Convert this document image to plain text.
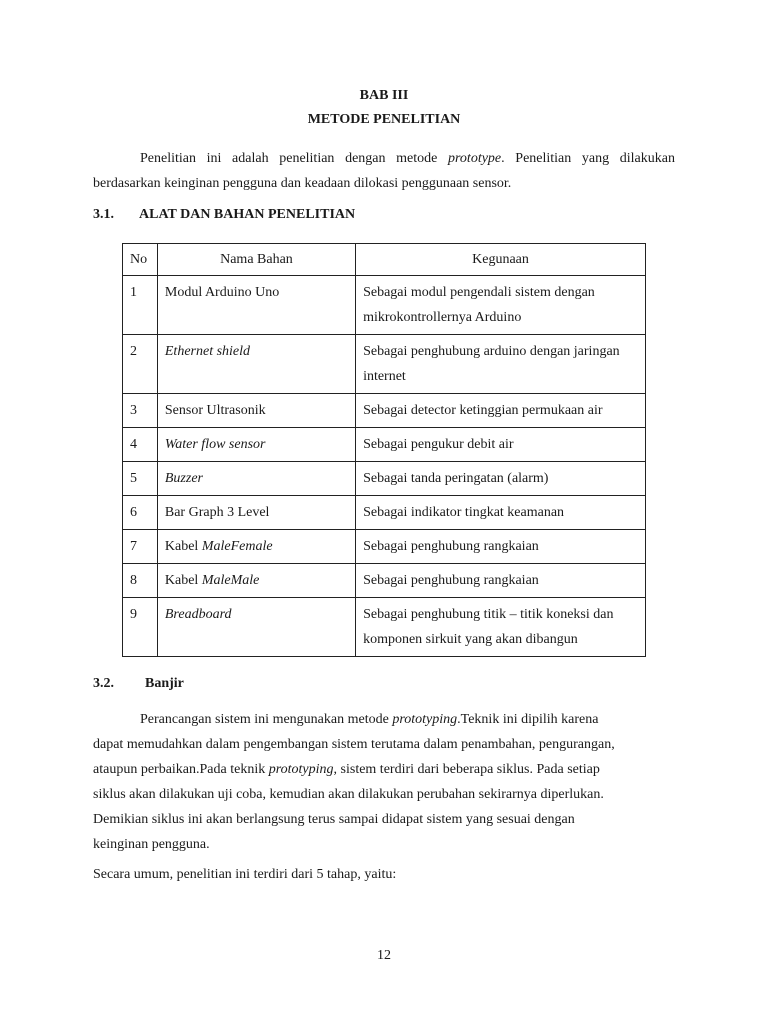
BAB III
METODE PENELITIAN
Penelitian ini adalah penelitian dengan metode prototype. Penelitian yang dilakukan
berdasarkan keinginan pengguna dan keadaan dilokasi penggunaan sensor.
3.1. ALAT DAN BAHAN PENELITIAN
No	Nama Bahan	Kegunaan
1	Modul Arduino Uno	Sebagai modul pengendali sistem dengan mikrokontrollernya Arduino
2	Ethernet shield	Sebagai penghubung arduino dengan jaringan internet
3	Sensor Ultrasonik	Sebagai detector ketinggian permukaan air
4	Water flow sensor	Sebagai pengukur debit air
5	Buzzer	Sebagai tanda peringatan (alarm)
6	Bar Graph 3 Level	Sebagai indikator tingkat keamanan
7	Kabel MaleFemale	Sebagai penghubung rangkaian
8	Kabel MaleMale	Sebagai penghubung rangkaian
9	Breadboard	Sebagai penghubung titik – titik koneksi dan komponen sirkuit yang akan dibangun
3.2. Banjir
Perancangan sistem ini mengunakan metode prototyping.Teknik ini dipilih karena
dapat memudahkan dalam pengembangan sistem terutama dalam penambahan, pengurangan,
ataupun perbaikan.Pada teknik prototyping, sistem terdiri dari beberapa siklus. Pada setiap
siklus akan dilakukan uji coba, kemudian akan dilakukan perubahan sekirarnya diperlukan.
Demikian siklus ini akan berlangsung terus sampai didapat sistem yang sesuai dengan
keinginan pengguna.
Secara umum, penelitian ini terdiri dari 5 tahap, yaitu:
12
